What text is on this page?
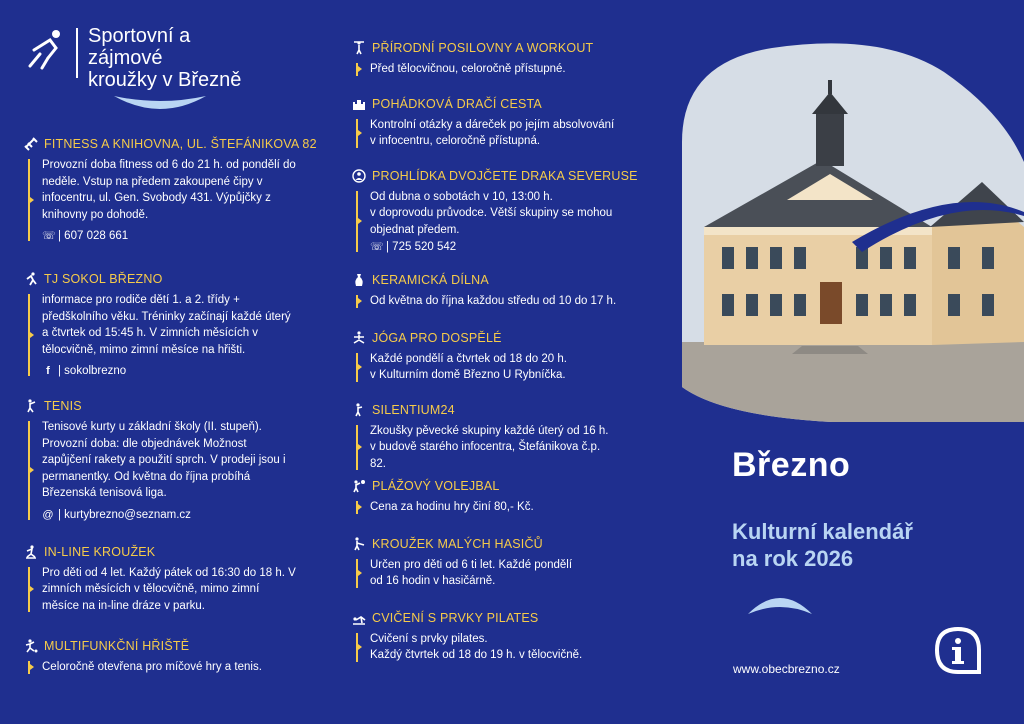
Sportovní a
zájmové
kroužky v Březně
FITNESS A KNIHOVNA, UL. ŠTEFÁNIKOVA 82
Provozní doba fitness od 6 do 21 h. od pondělí do
neděle. Vstup na předem zakoupené čipy v
infocentru, ul. Gen. Svobody 431. Výpůjčky z
knihovny po dohodě.
☏ | 607 028 661
TJ SOKOL BŘEZNO
informace pro rodiče dětí 1. a 2. třídy +
předškolního věku. Tréninky začínají každé úterý
a čtvrtek od 15:45 h. V zimních měsících v
tělocvičně, mimo zimní měsíce na hřišti.
f | sokolbrezno
TENIS
Tenisové kurty u základní školy (II. stupeň).
Provozní doba: dle objednávek Možnost
zapůjčení rakety a použití sprch. V prodeji jsou i
permanentky. Od května do října probíhá
Březenská tenisová liga.
@ | kurtybrezno@seznam.cz
IN-LINE KROUŽEK
Pro děti od 4 let. Každý pátek od 16:30 do 18 h. V
zimních měsících v tělocvičně, mimo zimní
měsíce na in-line dráze v parku.
MULTIFUNKČNÍ HŘIŠTĚ
Celoročně otevřena pro míčové hry a tenis.
PŘÍRODNÍ POSILOVNY A WORKOUT
Před tělocvičnou, celoročně přístupné.
POHÁDKOVÁ DRAČÍ CESTA
Kontrolní otázky a dáreček po jejím absolvování
v infocentru, celoročně přístupná.
PROHLÍDKA DVOJČETE DRAKA SEVERUSE
Od dubna o sobotách v 10, 13:00 h.
v doprovodu průvodce. Větší skupiny se mohou
objednat předem.
☏ | 725 520 542
KERAMICKÁ DÍLNA
Od května do října každou středu od 10 do 17 h.
JÓGA PRO DOSPĚLÉ
Každé pondělí a čtvrtek od 18 do 20 h.
v Kulturním domě Březno U Rybníčka.
SILENTIUM24
Zkoušky pěvecké skupiny každé úterý od 16 h.
v budově starého infocentra, Štefánikova č.p.
82.
PLÁŽOVÝ VOLEJBAL
Cena za hodinu hry činí 80,- Kč.
KROUŽEK MALÝCH HASIČŮ
Určen pro děti od 6 ti let. Každé pondělí
od 16 hodin v hasičárně.
CVIČENÍ S PRVKY PILATES
Cvičení s prvky pilates.
Každý čtvrtek od 18 do 19 h. v tělocvičně.
Březno
Kulturní kalendář
na rok 2026
www.obecbrezno.cz
